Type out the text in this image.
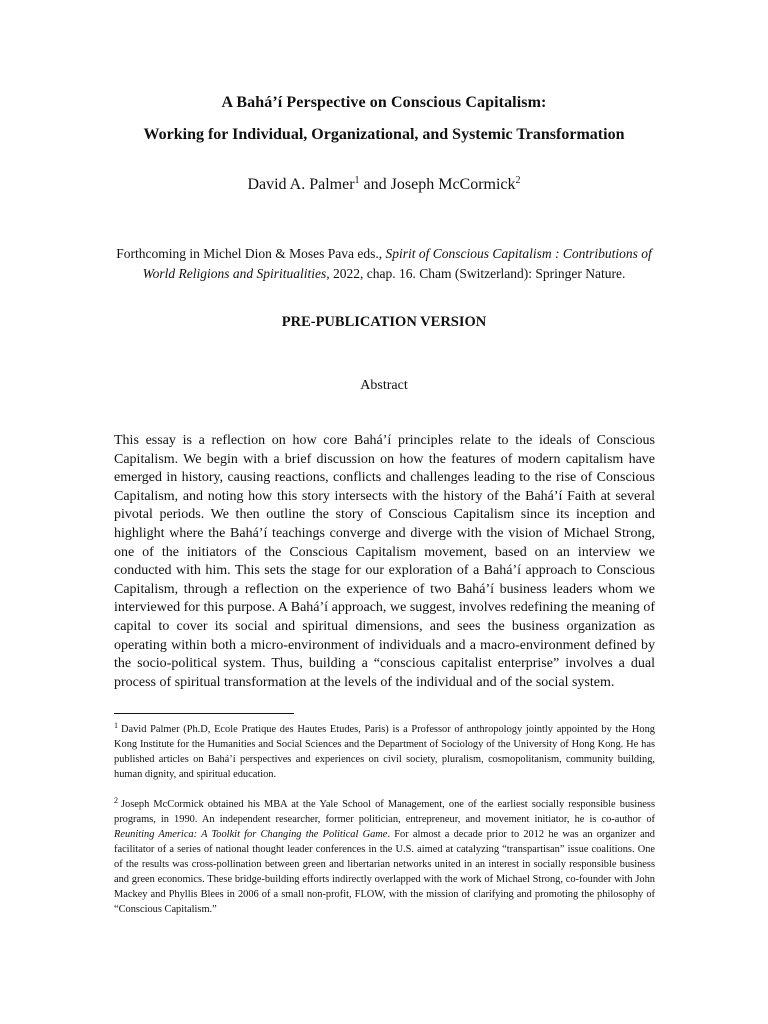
A Bahá’í Perspective on Conscious Capitalism:
Working for Individual, Organizational, and Systemic Transformation
David A. Palmer$^1$ and Joseph McCormick$^2$
Forthcoming in Michel Dion & Moses Pava eds., Spirit of Conscious Capitalism : Contributions of World Religions and Spiritualities, 2022, chap. 16. Cham (Switzerland): Springer Nature.
PRE-PUBLICATION VERSION
Abstract
This essay is a reflection on how core Bahá’í principles relate to the ideals of Conscious Capitalism. We begin with a brief discussion on how the features of modern capitalism have emerged in history, causing reactions, conflicts and challenges leading to the rise of Conscious Capitalism, and noting how this story intersects with the history of the Bahá’í Faith at several pivotal periods. We then outline the story of Conscious Capitalism since its inception and highlight where the Bahá’í teachings converge and diverge with the vision of Michael Strong, one of the initiators of the Conscious Capitalism movement, based on an interview we conducted with him. This sets the stage for our exploration of a Bahá’í approach to Conscious Capitalism, through a reflection on the experience of two Bahá’í business leaders whom we interviewed for this purpose. A Bahá’í approach, we suggest, involves redefining the meaning of capital to cover its social and spiritual dimensions, and sees the business organization as operating within both a micro-environment of individuals and a macro-environment defined by the socio-political system. Thus, building a “conscious capitalist enterprise” involves a dual process of spiritual transformation at the levels of the individual and of the social system.
$^1$ David Palmer (Ph.D, Ecole Pratique des Hautes Etudes, Paris) is a Professor of anthropology jointly appointed by the Hong Kong Institute for the Humanities and Social Sciences and the Department of Sociology of the University of Hong Kong. He has published articles on Bahá’í perspectives and experiences on civil society, pluralism, cosmopolitanism, community building, human dignity, and spiritual education.
$^2$ Joseph McCormick obtained his MBA at the Yale School of Management, one of the earliest socially responsible business programs, in 1990. An independent researcher, former politician, entrepreneur, and movement initiator, he is co-author of Reuniting America: A Toolkit for Changing the Political Game. For almost a decade prior to 2012 he was an organizer and facilitator of a series of national thought leader conferences in the U.S. aimed at catalyzing “transpartisan” issue coalitions. One of the results was cross-pollination between green and libertarian networks united in an interest in socially responsible business and green economics. These bridge-building efforts indirectly overlapped with the work of Michael Strong, co-founder with John Mackey and Phyllis Blees in 2006 of a small non-profit, FLOW, with the mission of clarifying and promoting the philosophy of “Conscious Capitalism.”
